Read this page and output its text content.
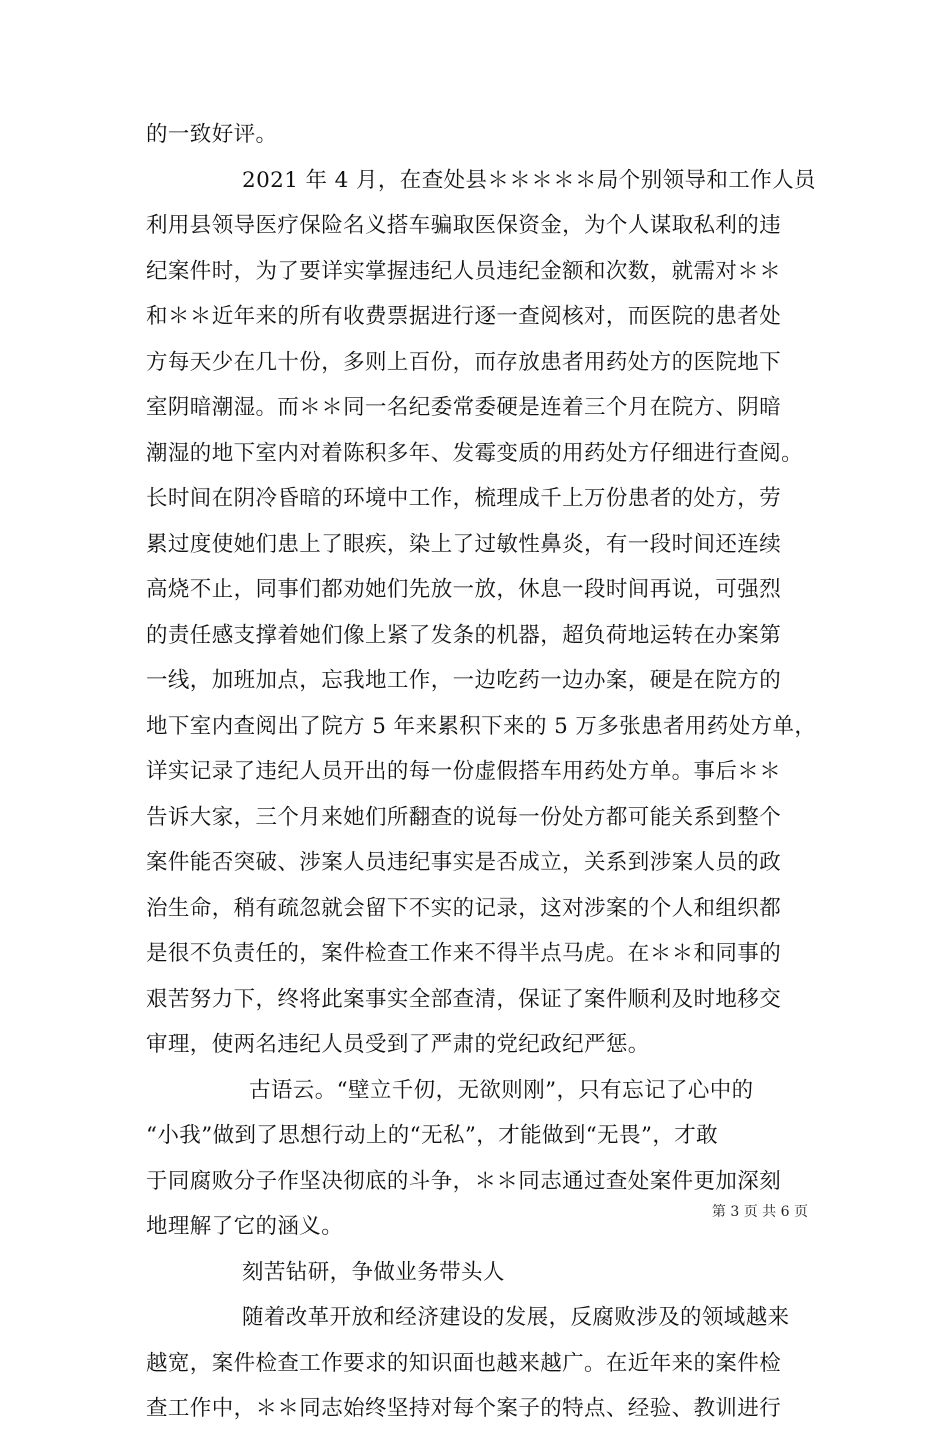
的一致好评。
2021 年 4 月，在查处县＊＊＊＊＊局个别领导和工作人员
利用县领导医疗保险名义搭车骗取医保资金，为个人谋取私利的违
纪案件时，为了要详实掌握违纪人员违纪金额和次数，就需对＊＊
和＊＊近年来的所有收费票据进行逐一查阅核对，而医院的患者处
方每天少在几十份，多则上百份，而存放患者用药处方的医院地下
室阴暗潮湿。而＊＊同一名纪委常委硬是连着三个月在院方、阴暗
潮湿的地下室内对着陈积多年、发霉变质的用药处方仔细进行查阅。
长时间在阴冷昏暗的环境中工作，梳理成千上万份患者的处方，劳
累过度使她们患上了眼疾，染上了过敏性鼻炎，有一段时间还连续
高烧不止，同事们都劝她们先放一放，休息一段时间再说，可强烈
的责任感支撑着她们像上紧了发条的机器，超负荷地运转在办案第
一线，加班加点，忘我地工作，一边吃药一边办案，硬是在院方的
地下室内查阅出了院方 5 年来累积下来的 5 万多张患者用药处方单，
详实记录了违纪人员开出的每一份虚假搭车用药处方单。事后＊＊
告诉大家，三个月来她们所翻查的说每一份处方都可能关系到整个
案件能否突破、涉案人员违纪事实是否成立，关系到涉案人员的政
治生命，稍有疏忽就会留下不实的记录，这对涉案的个人和组织都
是很不负责任的，案件检查工作来不得半点马虎。在＊＊和同事的
艰苦努力下，终将此案事实全部查清，保证了案件顺利及时地移交
审理，使两名违纪人员受到了严肃的党纪政纪严惩。
古语云。“壁立千仞，无欲则刚”，只有忘记了心中的
“小我”做到了思想行动上的“无私”，才能做到“无畏”，才敢
于同腐败分子作坚决彻底的斗争，＊＊同志通过查处案件更加深刻
地理解了它的涵义。
刻苦钻研，争做业务带头人
随着改革开放和经济建设的发展，反腐败涉及的领域越来
越宽，案件检查工作要求的知识面也越来越广。在近年来的案件检
查工作中，＊＊同志始终坚持对每个案子的特点、经验、教训进行
第 3 页 共 6 页
